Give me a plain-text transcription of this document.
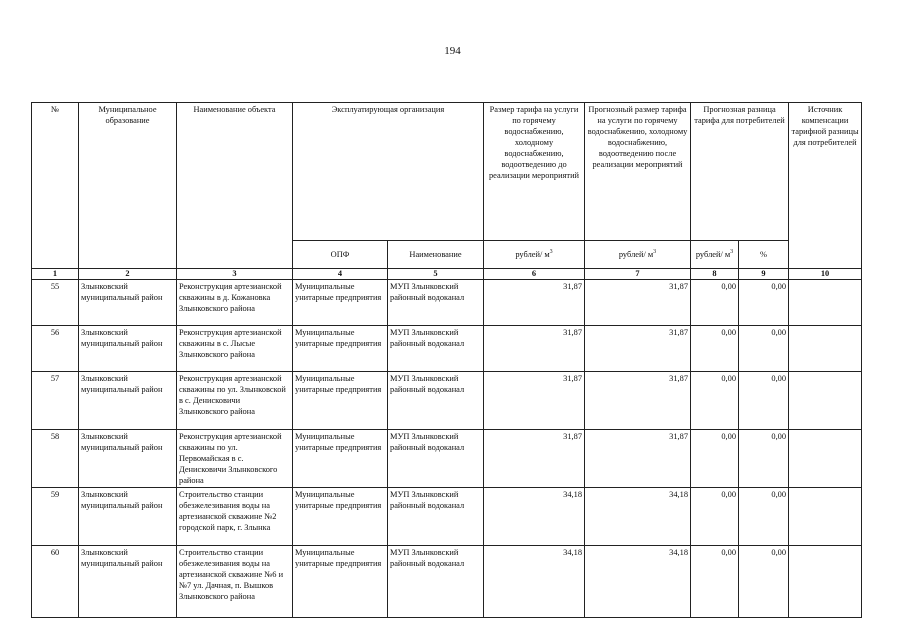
194
№	Муниципальное образование	Наименование объекта	Эксплуатирующая организация		Размер тарифа на услуги по горячему водоснабжению, холодному водоснабжению, водоотведению до реализации мероприятий	Прогнозный размер тарифа на услуги по горячему водоснабжению, холодному водоснабжению, водоотведению после реализации мероприятий	Прогнозная разница тарифа для потребителей		Источник компенсации тарифной разницы для потребителей
			ОПФ	Наименование	рублей/ $м^3$	рублей/ $м^3$	рублей/ $м^3$	%	
1	2	3	4	5	6	7	8	9	10
55	Злынковский муниципальный район	Реконструкция артезианской скважины в д. Кожановка Злынковского района	Муниципальные унитарные предприятия	МУП Злынковский районный водоканал	31,87	31,87	0,00	0,00	
56	Злынковский муниципальный район	Реконструкция артезианской скважины в с. Лысые Злынковского района	Муниципальные унитарные предприятия	МУП Злынковский районный водоканал	31,87	31,87	0,00	0,00	
57	Злынковский муниципальный район	Реконструкция артезианской скважины по ул. Злынковской в с. Денисковичи Злынковского района	Муниципальные унитарные предприятия	МУП Злынковский районный водоканал	31,87	31,87	0,00	0,00	
58	Злынковский муниципальный район	Реконструкция артезианской скважины по ул. Первомайская в с. Денисковичи Злынковского района	Муниципальные унитарные предприятия	МУП Злынковский районный водоканал	31,87	31,87	0,00	0,00	
59	Злынковский муниципальный район	Строительство станции обезжелезивания воды на артезианской скважине №2 городской парк, г. Злынка	Муниципальные унитарные предприятия	МУП Злынковский районный водоканал	34,18	34,18	0,00	0,00	
60	Злынковский муниципальный район	Строительство станции обезжелезивания воды на артезианской скважине №6 и №7 ул. Дачная, п. Вышков Злынковского района	Муниципальные унитарные предприятия	МУП Злынковский районный водоканал	34,18	34,18	0,00	0,00	
